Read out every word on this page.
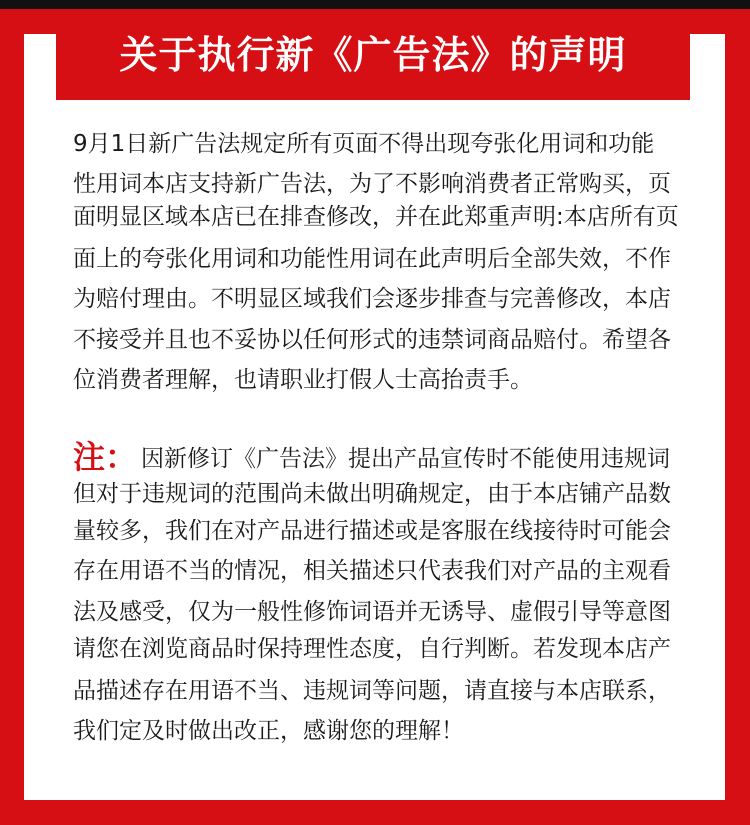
9月1日新广告法规定所有页面不得出现夸张化用词和功能

性用词本店支持新广告法，为了不影响消费者正常购买，页

面明显区域本店已在排查修改，并在此郑重声明:本店所有页

面上的夸张化用词和功能性用词在此声明后全部失效，不作

为赔付理由。不明显区域我们会逐步排查与完善修改，本店

不接受并且也不妥协以任何形式的违禁词商品赔付。希望各

位消费者理解，也请职业打假人士高抬责手。

注： 因新修订《广告法》提出产品宣传时不能使用违规词

但对于违规词的范围尚未做出明确规定，由于本店铺产品数

量较多，我们在对产品进行描述或是客服在线接待时可能会

存在用语不当的情况，相关描述只代表我们对产品的主观看

法及感受，仅为一般性修饰词语并无诱导、虚假引导等意图

请您在浏览商品时保持理性态度，自行判断。若发现本店产

品描述存在用语不当、违规词等问题，请直接与本店联系，

我们定及时做出改正，感谢您的理解！

关于执行新《广告法》的声明
